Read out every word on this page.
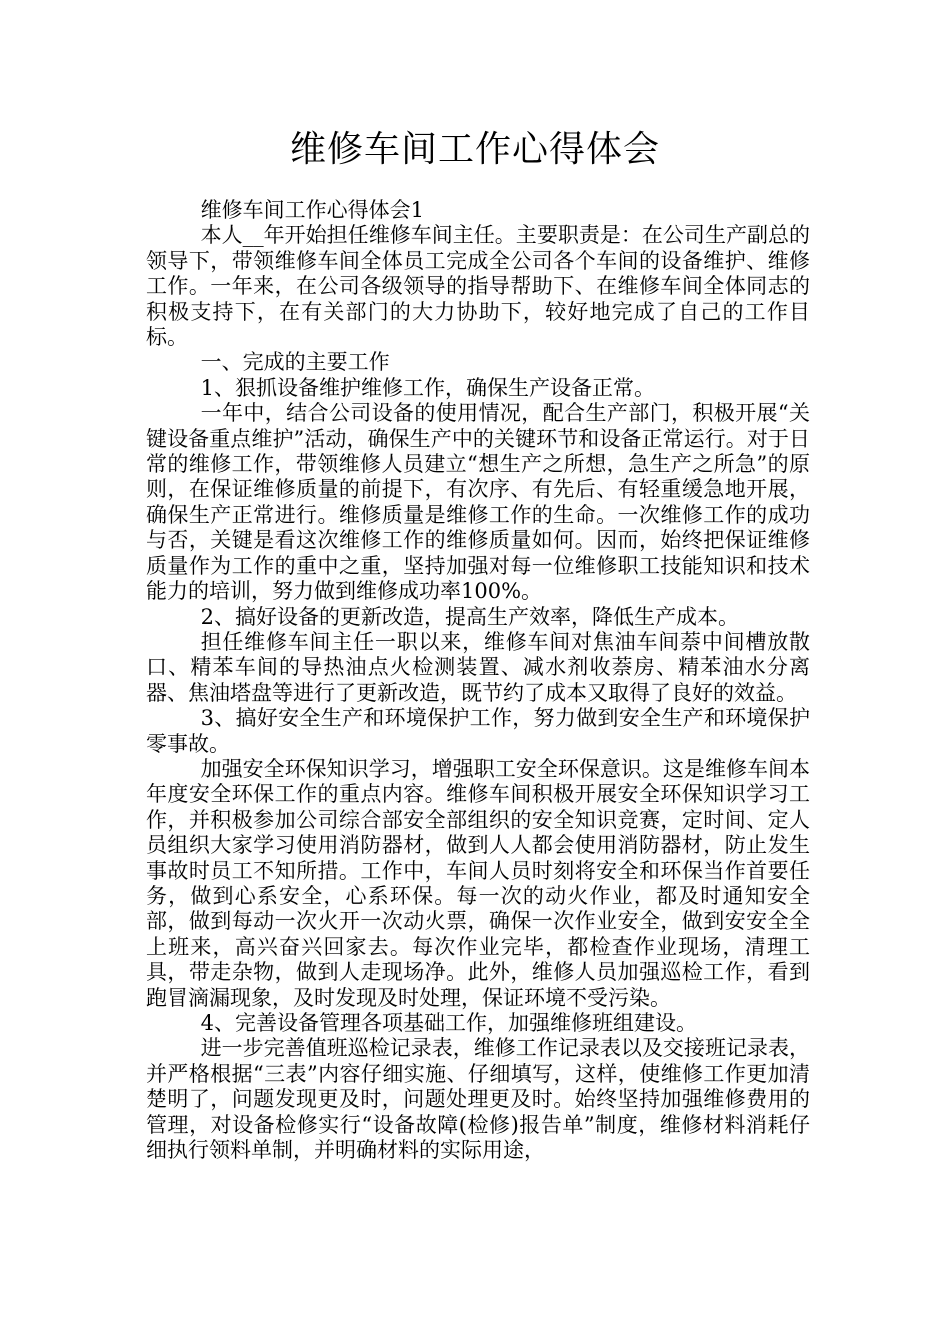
维修车间工作心得体会

维修车间工作心得体会1

本人__年开始担任维修车间主任。主要职责是：在公司生产副总的领导下，带领维修车间全体员工完成全公司各个车间的设备维护、维修工作。一年来，在公司各级领导的指导帮助下、在维修车间全体同志的积极支持下，在有关部门的大力协助下，较好地完成了自己的工作目标。

一、完成的主要工作

1、狠抓设备维护维修工作，确保生产设备正常。

一年中，结合公司设备的使用情况，配合生产部门，积极开展“关键设备重点维护”活动，确保生产中的关键环节和设备正常运行。对于日常的维修工作，带领维修人员建立“想生产之所想，急生产之所急”的原则，在保证维修质量的前提下，有次序、有先后、有轻重缓急地开展，确保生产正常进行。维修质量是维修工作的生命。一次维修工作的成功与否，关键是看这次维修工作的维修质量如何。因而，始终把保证维修质量作为工作的重中之重，坚持加强对每一位维修职工技能知识和技术能力的培训，努力做到维修成功率100%。

2、搞好设备的更新改造，提高生产效率，降低生产成本。

担任维修车间主任一职以来，维修车间对焦油车间萘中间槽放散口、精苯车间的导热油点火检测装置、减水剂收萘房、精苯油水分离器、焦油塔盘等进行了更新改造，既节约了成本又取得了良好的效益。

3、搞好安全生产和环境保护工作，努力做到安全生产和环境保护零事故。

加强安全环保知识学习，增强职工安全环保意识。这是维修车间本年度安全环保工作的重点内容。维修车间积极开展安全环保知识学习工作，并积极参加公司综合部安全部组织的安全知识竞赛，定时间、定人员组织大家学习使用消防器材，做到人人都会使用消防器材，防止发生事故时员工不知所措。工作中，车间人员时刻将安全和环保当作首要任务，做到心系安全，心系环保。每一次的动火作业，都及时通知安全部，做到每动一次火开一次动火票，确保一次作业安全，做到安安全全上班来，高兴奋兴回家去。每次作业完毕，都检查作业现场，清理工具，带走杂物，做到人走现场净。此外，维修人员加强巡检工作，看到跑冒滴漏现象，及时发现及时处理，保证环境不受污染。

4、完善设备管理各项基础工作，加强维修班组建设。

进一步完善值班巡检记录表，维修工作记录表以及交接班记录表，并严格根据“三表”内容仔细实施、仔细填写，这样，使维修工作更加清楚明了，问题发现更及时，问题处理更及时。始终坚持加强维修费用的管理，对设备检修实行“设备故障(检修)报告单”制度，维修材料消耗仔细执行领料单制，并明确材料的实际用途，
